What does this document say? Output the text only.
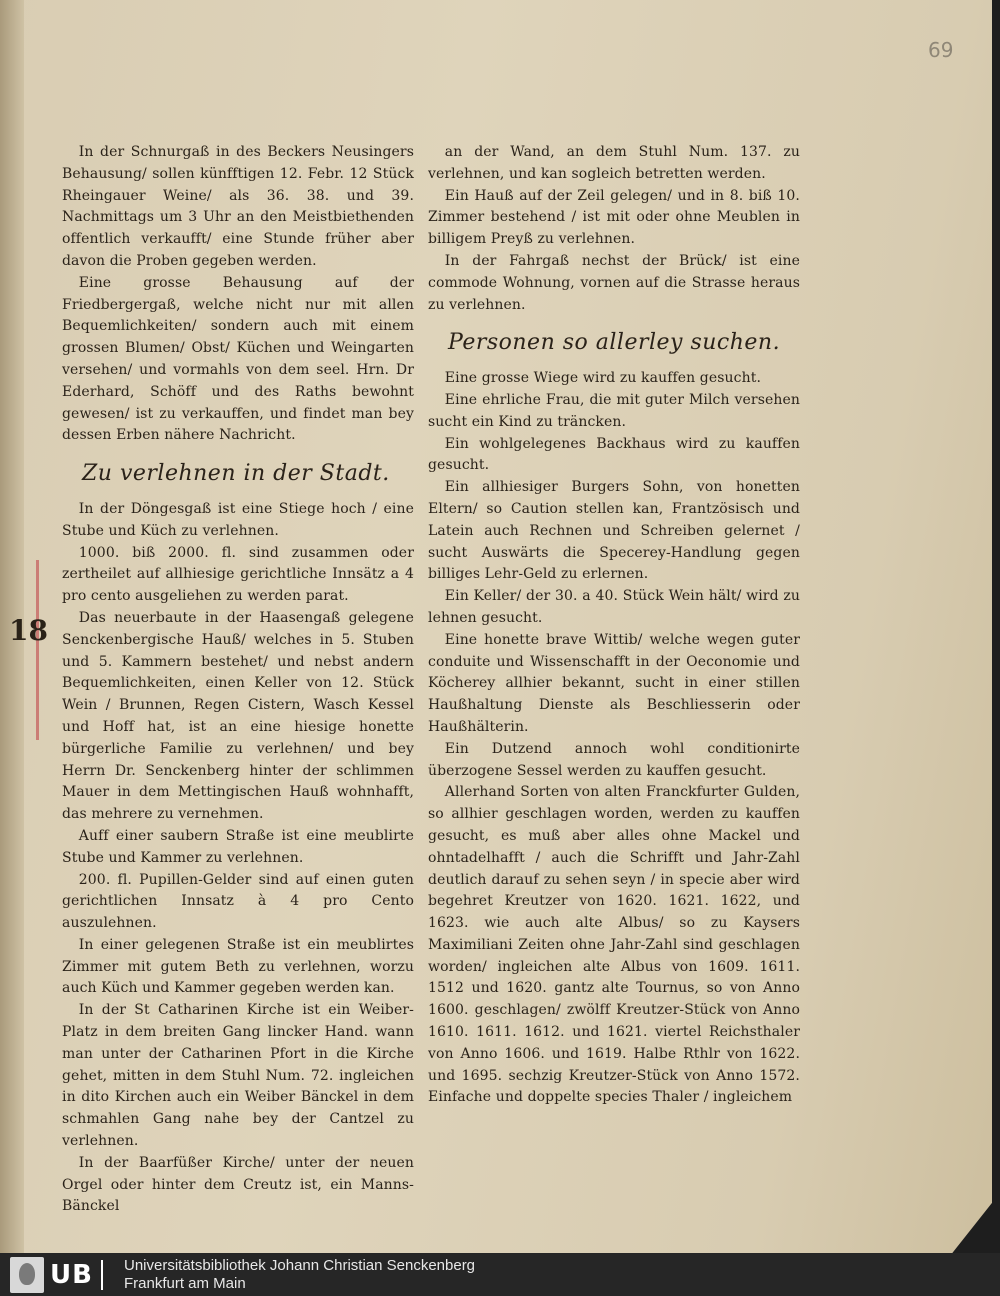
69
18

In der Schnurgaß in des Beckers Neusingers Behausung/ sollen künfftigen 12. Febr. 12 Stück Rheingauer Weine/ als 36. 38. und 39. Nachmittags um 3 Uhr an den Meistbiethenden offentlich verkaufft/ eine Stunde früher aber davon die Proben gegeben werden.

Eine grosse Behausung auf der Friedbergergaß, welche nicht nur mit allen Bequemlichkeiten/ sondern auch mit einem grossen Blumen/ Obst/ Küchen und Weingarten versehen/ und vormahls von dem seel. Hrn. Dr Ederhard, Schöff und des Raths bewohnt gewesen/ ist zu verkauffen, und findet man bey dessen Erben nähere Nachricht.

Zu verlehnen in der Stadt.

In der Döngesgaß ist eine Stiege hoch / eine Stube und Küch zu verlehnen.

1000. biß 2000. fl. sind zusammen oder zertheilet auf allhiesige gerichtliche Innsätz a 4 pro cento ausgeliehen zu werden parat.

Das neuerbaute in der Haasengaß gelegene Senckenbergische Hauß/ welches in 5. Stuben und 5. Kammern bestehet/ und nebst andern Bequemlichkeiten, einen Keller von 12. Stück Wein / Brunnen, Regen Cistern, Wasch Kessel und Hoff hat, ist an eine hiesige honette bürgerliche Familie zu verlehnen/ und bey Herrn Dr. Senckenberg hinter der schlimmen Mauer in dem Mettingischen Hauß wohnhafft, das mehrere zu vernehmen.

Auff einer saubern Straße ist eine meublirte Stube und Kammer zu verlehnen.

200. fl. Pupillen-Gelder sind auf einen guten gerichtlichen Innsatz à 4 pro Cento auszulehnen.

In einer gelegenen Straße ist ein meublirtes Zimmer mit gutem Beth zu verlehnen, worzu auch Küch und Kammer gegeben werden kan.

In der St Catharinen Kirche ist ein Weiber-Platz in dem breiten Gang lincker Hand. wann man unter der Catharinen Pfort in die Kirche gehet, mitten in dem Stuhl Num. 72. ingleichen in dito Kirchen auch ein Weiber Bänckel in dem schmahlen Gang nahe bey der Cantzel zu verlehnen.

In der Baarfüßer Kirche/ unter der neuen Orgel oder hinter dem Creutz ist, ein Manns-Bänckel

an der Wand, an dem Stuhl Num. 137. zu verlehnen, und kan sogleich betretten werden.

Ein Hauß auf der Zeil gelegen/ und in 8. biß 10. Zimmer bestehend / ist mit oder ohne Meublen in billigem Preyß zu verlehnen.

In der Fahrgaß nechst der Brück/ ist eine commode Wohnung, vornen auf die Strasse heraus zu verlehnen.

Personen so allerley suchen.

Eine grosse Wiege wird zu kauffen gesucht.

Eine ehrliche Frau, die mit guter Milch versehen sucht ein Kind zu träncken.

Ein wohlgelegenes Backhaus wird zu kauffen gesucht.

Ein allhiesiger Burgers Sohn, von honetten Eltern/ so Caution stellen kan, Frantzösisch und Latein auch Rechnen und Schreiben gelernet / sucht Auswärts die Specerey-Handlung gegen billiges Lehr-Geld zu erlernen.

Ein Keller/ der 30. a 40. Stück Wein hält/ wird zu lehnen gesucht.

Eine honette brave Wittib/ welche wegen guter conduite und Wissenschafft in der Oeconomie und Köcherey allhier bekannt, sucht in einer stillen Haußhaltung Dienste als Beschliesserin oder Haußhälterin.

Ein Dutzend annoch wohl conditionirte überzogene Sessel werden zu kauffen gesucht.

Allerhand Sorten von alten Franckfurter Gulden, so allhier geschlagen worden, werden zu kauffen gesucht, es muß aber alles ohne Mackel und ohntadelhafft / auch die Schrifft und Jahr-Zahl deutlich darauf zu sehen seyn / in specie aber wird begehret Kreutzer von 1620. 1621. 1622, und 1623. wie auch alte Albus/ so zu Kaysers Maximiliani Zeiten ohne Jahr-Zahl sind geschlagen worden/ ingleichen alte Albus von 1609. 1611. 1512 und 1620. gantz alte Tournus, so von Anno 1600. geschlagen/ zwölff Kreutzer-Stück von Anno 1610. 1611. 1612. und 1621. viertel Reichsthaler von Anno 1606. und 1619. Halbe Rthlr von 1622. und 1695. sechzig Kreutzer-Stück von Anno 1572. Einfache und doppelte species Thaler / ingleichem

UB Universitätsbibliothek Johann Christian Senckenberg
Frankfurt am Main
